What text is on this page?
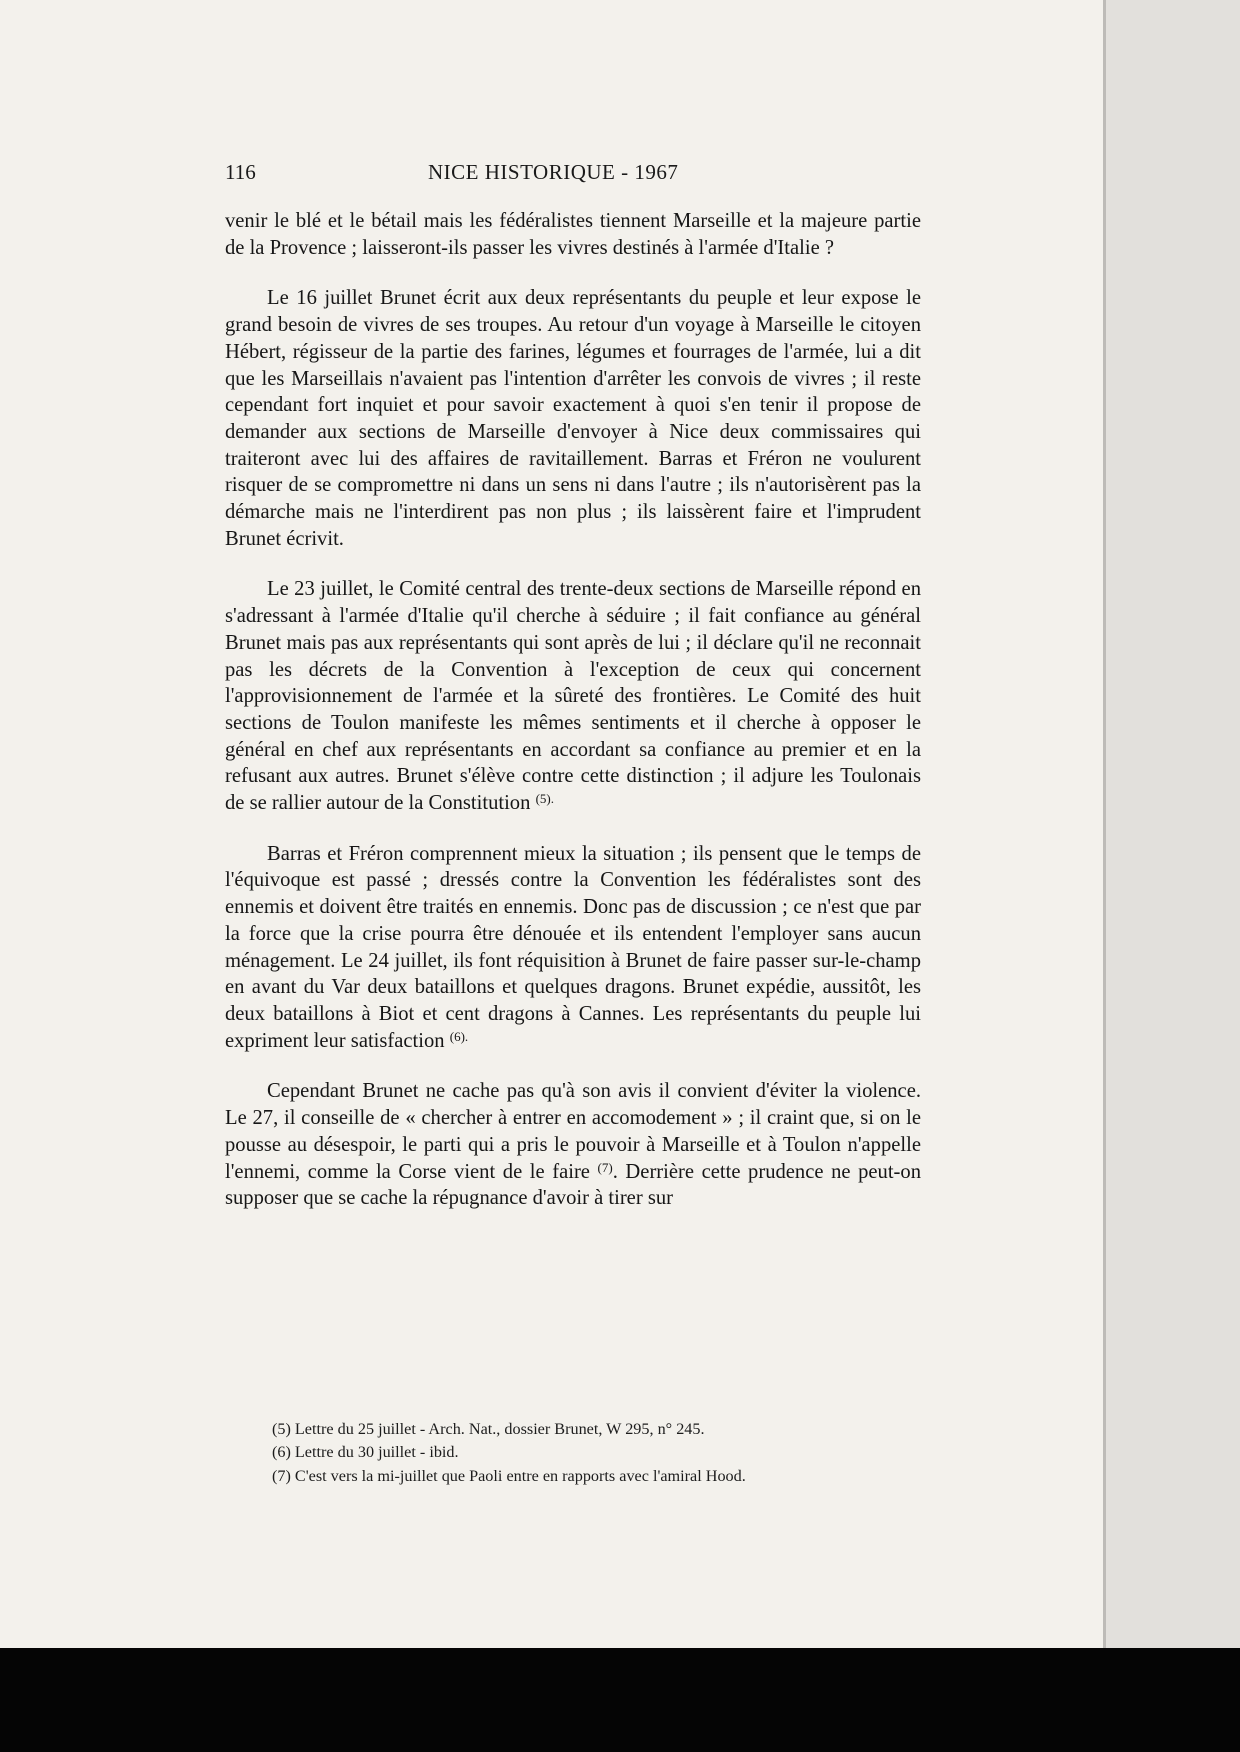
116	NICE HISTORIQUE - 1967

venir le blé et le bétail mais les fédéralistes tiennent Marseille et la majeure partie de la Provence ; laisseront-ils passer les vivres destinés à l'armée d'Italie ?

Le 16 juillet Brunet écrit aux deux représentants du peuple et leur expose le grand besoin de vivres de ses troupes. Au retour d'un voyage à Marseille le citoyen Hébert, régisseur de la partie des farines, légumes et fourrages de l'armée, lui a dit que les Marseillais n'avaient pas l'intention d'arrêter les convois de vivres ; il reste cependant fort inquiet et pour savoir exactement à quoi s'en tenir il propose de demander aux sections de Marseille d'envoyer à Nice deux commissaires qui traiteront avec lui des affaires de ravitaillement. Barras et Fréron ne voulurent risquer de se compromettre ni dans un sens ni dans l'autre ; ils n'autorisèrent pas la démarche mais ne l'interdirent pas non plus ; ils laissèrent faire et l'imprudent Brunet écrivit.

Le 23 juillet, le Comité central des trente-deux sections de Marseille répond en s'adressant à l'armée d'Italie qu'il cherche à séduire ; il fait confiance au général Brunet mais pas aux représentants qui sont après de lui ; il déclare qu'il ne reconnait pas les décrets de la Convention à l'exception de ceux qui concernent l'approvisionnement de l'armée et la sûreté des frontières. Le Comité des huit sections de Toulon manifeste les mêmes sentiments et il cherche à opposer le général en chef aux représentants en accordant sa confiance au premier et en la refusant aux autres. Brunet s'élève contre cette distinction ; il adjure les Toulonais de se rallier autour de la Constitution $^{(5).}$

Barras et Fréron comprennent mieux la situation ; ils pensent que le temps de l'équivoque est passé ; dressés contre la Convention les fédéralistes sont des ennemis et doivent être traités en ennemis. Donc pas de discussion ; ce n'est que par la force que la crise pourra être dénouée et ils entendent l'employer sans aucun ménagement. Le 24 juillet, ils font réquisition à Brunet de faire passer sur-le-champ en avant du Var deux bataillons et quelques dragons. Brunet expédie, aussitôt, les deux bataillons à Biot et cent dragons à Cannes. Les représentants du peuple lui expriment leur satisfaction $^{(6).}$

Cependant Brunet ne cache pas qu'à son avis il convient d'éviter la violence. Le 27, il conseille de « chercher à entrer en accomodement » ; il craint que, si on le pousse au désespoir, le parti qui a pris le pouvoir à Marseille et à Toulon n'appelle l'ennemi, comme la Corse vient de le faire $^{(7)}$. Derrière cette prudence ne peut-on supposer que se cache la répugnance d'avoir à tirer sur

(5) Lettre du 25 juillet - Arch. Nat., dossier Brunet, W 295, n° 245.
(6) Lettre du 30 juillet - ibid.
(7) C'est vers la mi-juillet que Paoli entre en rapports avec l'amiral Hood.
